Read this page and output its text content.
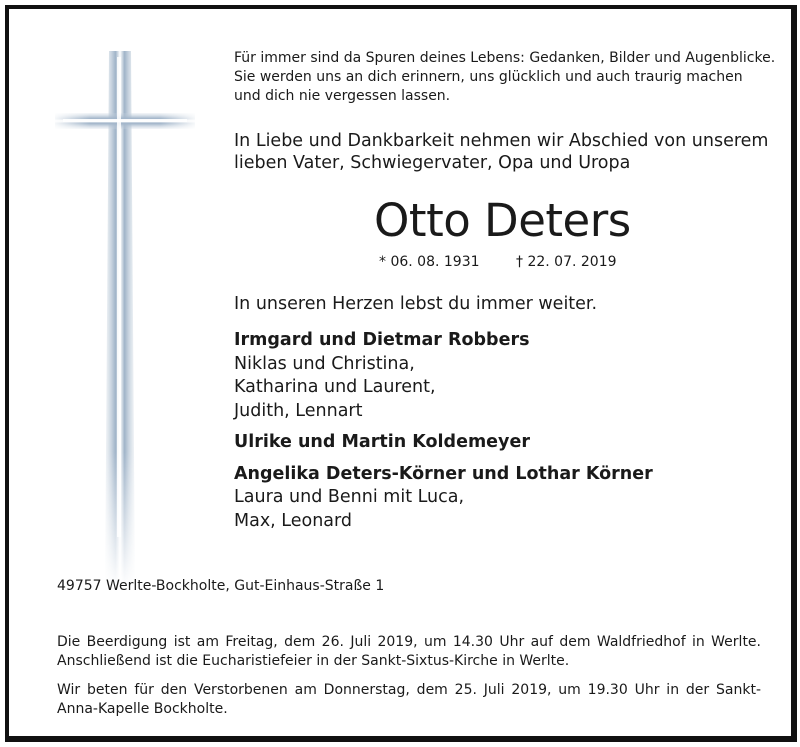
Für immer sind da Spuren deines Lebens: Gedanken, Bilder und Augenblicke.
Sie werden uns an dich erinnern, uns glücklich und auch traurig machen
und dich nie vergessen lassen.
In Liebe und Dankbarkeit nehmen wir Abschied von unserem
lieben Vater, Schwiegervater, Opa und Uropa
Otto Deters
* 06. 08. 1931	† 22. 07. 2019
In unseren Herzen lebst du immer weiter.
Irmgard und Dietmar Robbers
Niklas und Christina,
Katharina und Laurent,
Judith, Lennart
Ulrike und Martin Koldemeyer
Angelika Deters-Körner und Lothar Körner
Laura und Benni mit Luca,
Max, Leonard
49757 Werlte-Bockholte, Gut-Einhaus-Straße 1
Die Beerdigung ist am Freitag, dem 26. Juli 2019, um 14.30 Uhr auf dem Waldfriedhof in Werlte. Anschließend ist die Eucharistiefeier in der Sankt-Sixtus-Kirche in Werlte.
Wir beten für den Verstorbenen am Donnerstag, dem 25. Juli 2019, um 19.30 Uhr in der Sankt-Anna-Kapelle Bockholte.
